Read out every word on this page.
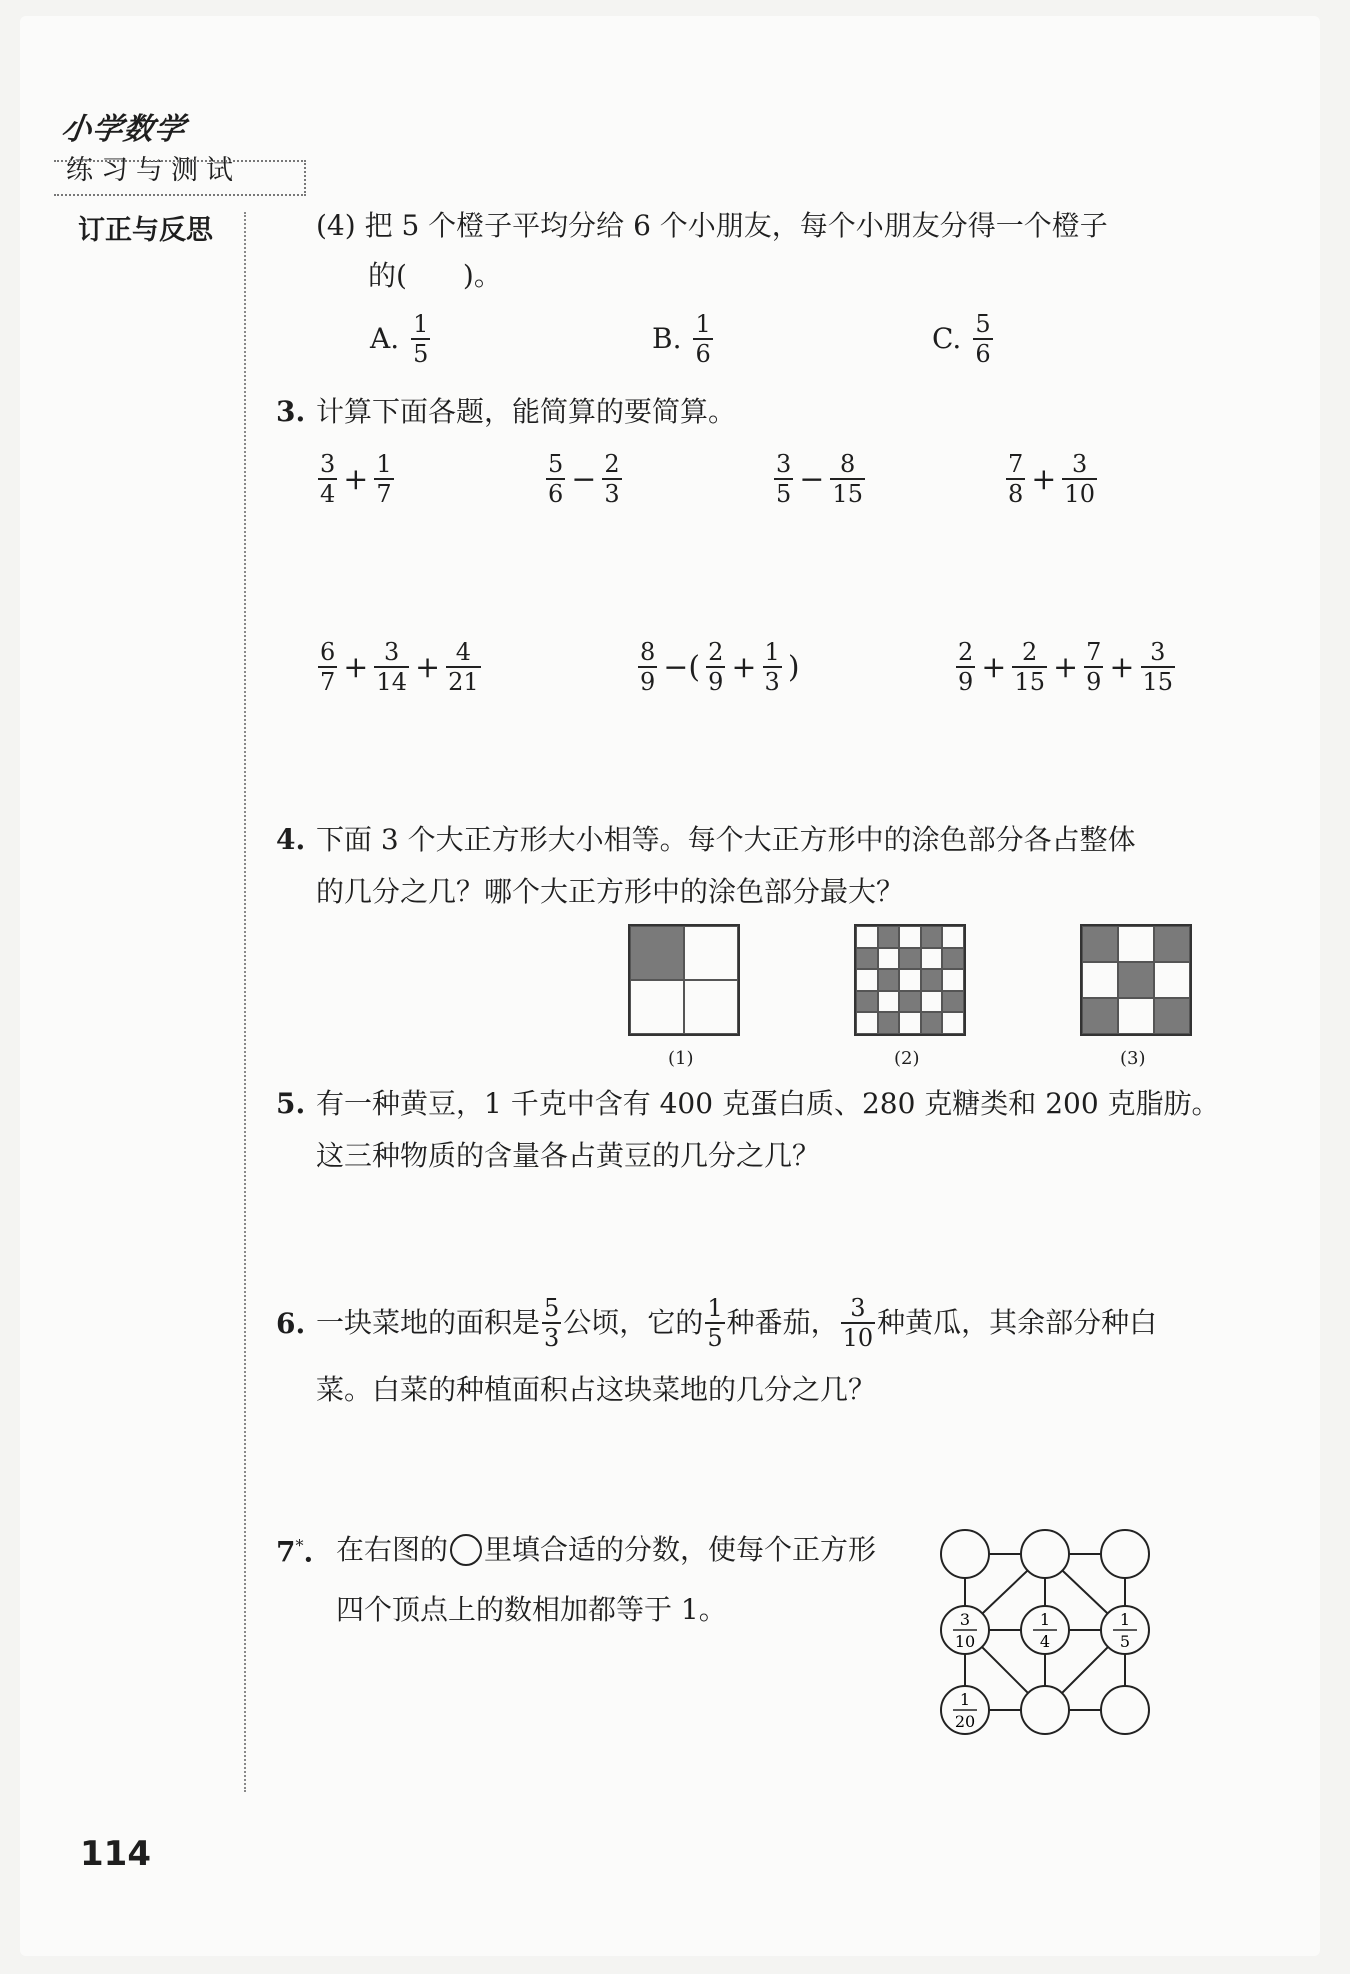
小学数学
练习与测试
订正与反思	(4) 把 5 个橙子平均分给 6 个小朋友，每个小朋友分得一个橙子
的(　　)。
A. $\frac{1}{5}$	B. $\frac{1}{6}$	C. $\frac{5}{6}$
3. 计算下面各题，能简算的要简算。
$\frac{3}{4} + \frac{1}{7}$	$\frac{5}{6} - \frac{2}{3}$	$\frac{3}{5} - \frac{8}{15}$	$\frac{7}{8} + \frac{3}{10}$
$\frac{6}{7} + \frac{3}{14} + \frac{4}{21}$	$\frac{8}{9}$ −( $\frac{2}{9} + \frac{1}{3}$ )	$\frac{2}{9} + \frac{2}{15} + \frac{7}{9} + \frac{3}{15}$
4. 下面 3 个大正方形大小相等。每个大正方形中的涂色部分各占整体
的几分之几？哪个大正方形中的涂色部分最大？
(1)	(2)	(3)
5. 有一种黄豆，1 千克中含有 400 克蛋白质、280 克糖类和 200 克脂肪。
这三种物质的含量各占黄豆的几分之几？
6. 一块菜地的面积是 $\frac{5}{3}$ 公顷，它的 $\frac{1}{5}$ 种番茄， $\frac{3}{10}$ 种黄瓜，其余部分种白
菜。白菜的种植面积占这块菜地的几分之几？
7*. 在右图的 里填合适的分数，使每个正方形
四个顶点上的数相加都等于 1。	3
10
1
4
1
5
1
20
114
